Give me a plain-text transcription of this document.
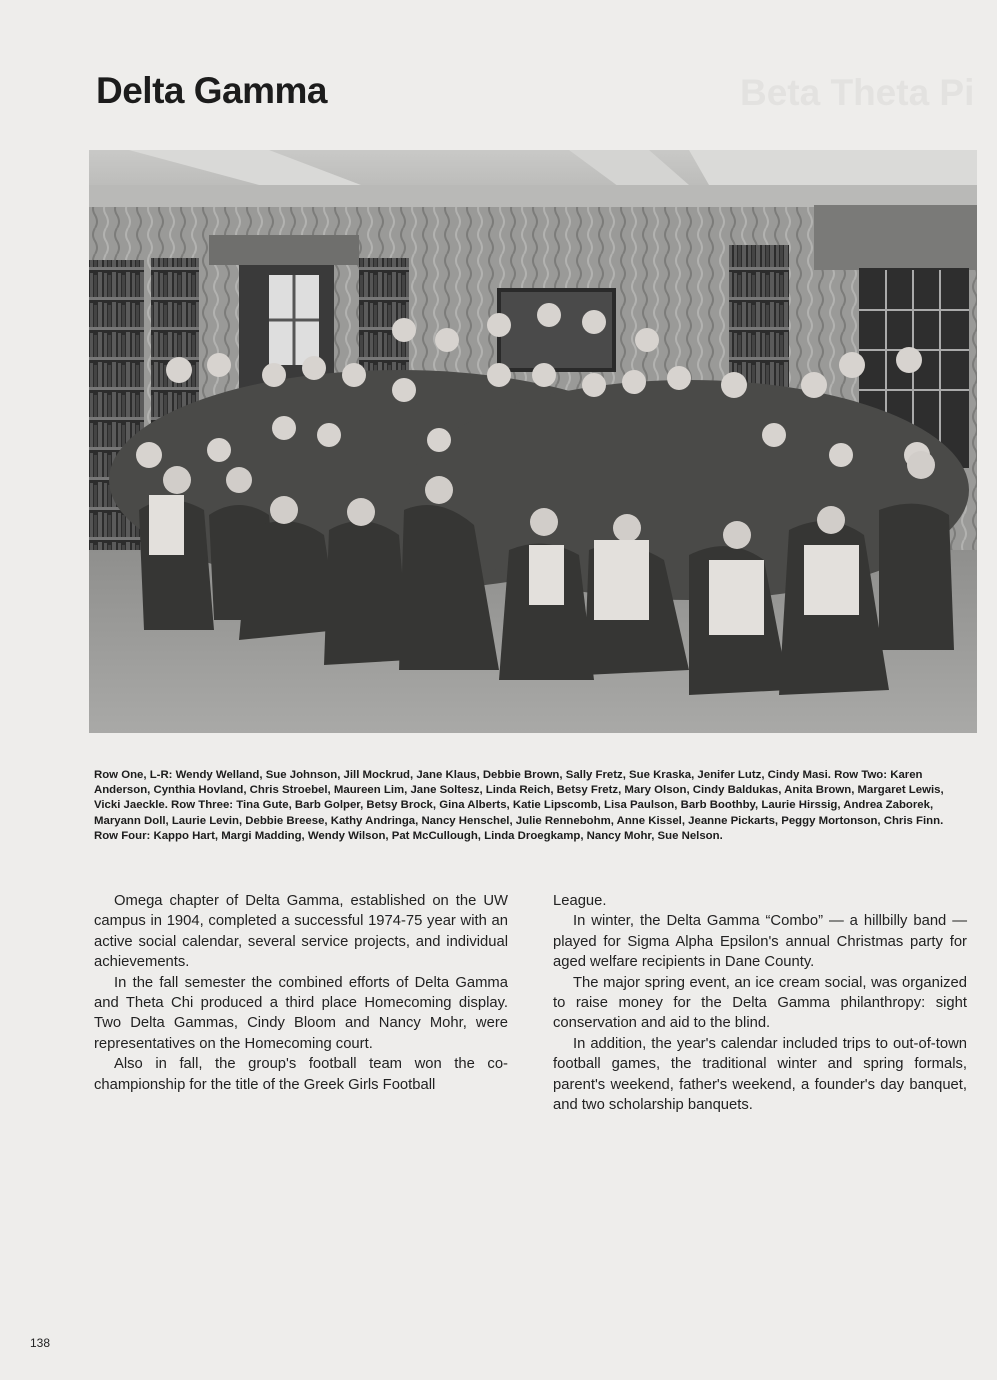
Delta Gamma	Beta Theta Pi

Row One, L-R: Wendy Welland, Sue Johnson, Jill Mockrud, Jane Klaus, Debbie Brown, Sally Fretz, Sue Kraska, Jenifer Lutz, Cindy Masi. Row Two: Karen Anderson, Cynthia Hovland, Chris Stroebel, Maureen Lim, Jane Soltesz, Linda Reich, Betsy Fretz, Mary Olson, Cindy Baldukas, Anita Brown, Margaret Lewis, Vicki Jaeckle. Row Three: Tina Gute, Barb Golper, Betsy Brock, Gina Alberts, Katie Lipscomb, Lisa Paulson, Barb Boothby, Laurie Hirssig, Andrea Zaborek, Maryann Doll, Laurie Levin, Debbie Breese, Kathy Andringa, Nancy Henschel, Julie Rennebohm, Anne Kissel, Jeanne Pickarts, Peggy Mortonson, Chris Finn. Row Four: Kappo Hart, Margi Madding, Wendy Wilson, Pat McCullough, Linda Droegkamp, Nancy Mohr, Sue Nelson.

Omega chapter of Delta Gamma, established on the UW campus in 1904, completed a successful 1974-75 year with an active social calendar, several service projects, and individual achievements.

In the fall semester the combined efforts of Delta Gamma and Theta Chi produced a third place Homecoming display. Two Delta Gammas, Cindy Bloom and Nancy Mohr, were representatives on the Homecoming court.

Also in fall, the group's football team won the co-championship for the title of the Greek Girls Football

League.

In winter, the Delta Gamma “Combo” — a hillbilly band —played for Sigma Alpha Epsilon's annual Christmas party for aged welfare recipients in Dane County.

The major spring event, an ice cream social, was organized to raise money for the Delta Gamma philanthropy: sight conservation and aid to the blind.

In addition, the year's calendar included trips to out-of-town football games, the traditional winter and spring formals, parent's weekend, father's weekend, a founder's day banquet, and two scholarship banquets.

138
